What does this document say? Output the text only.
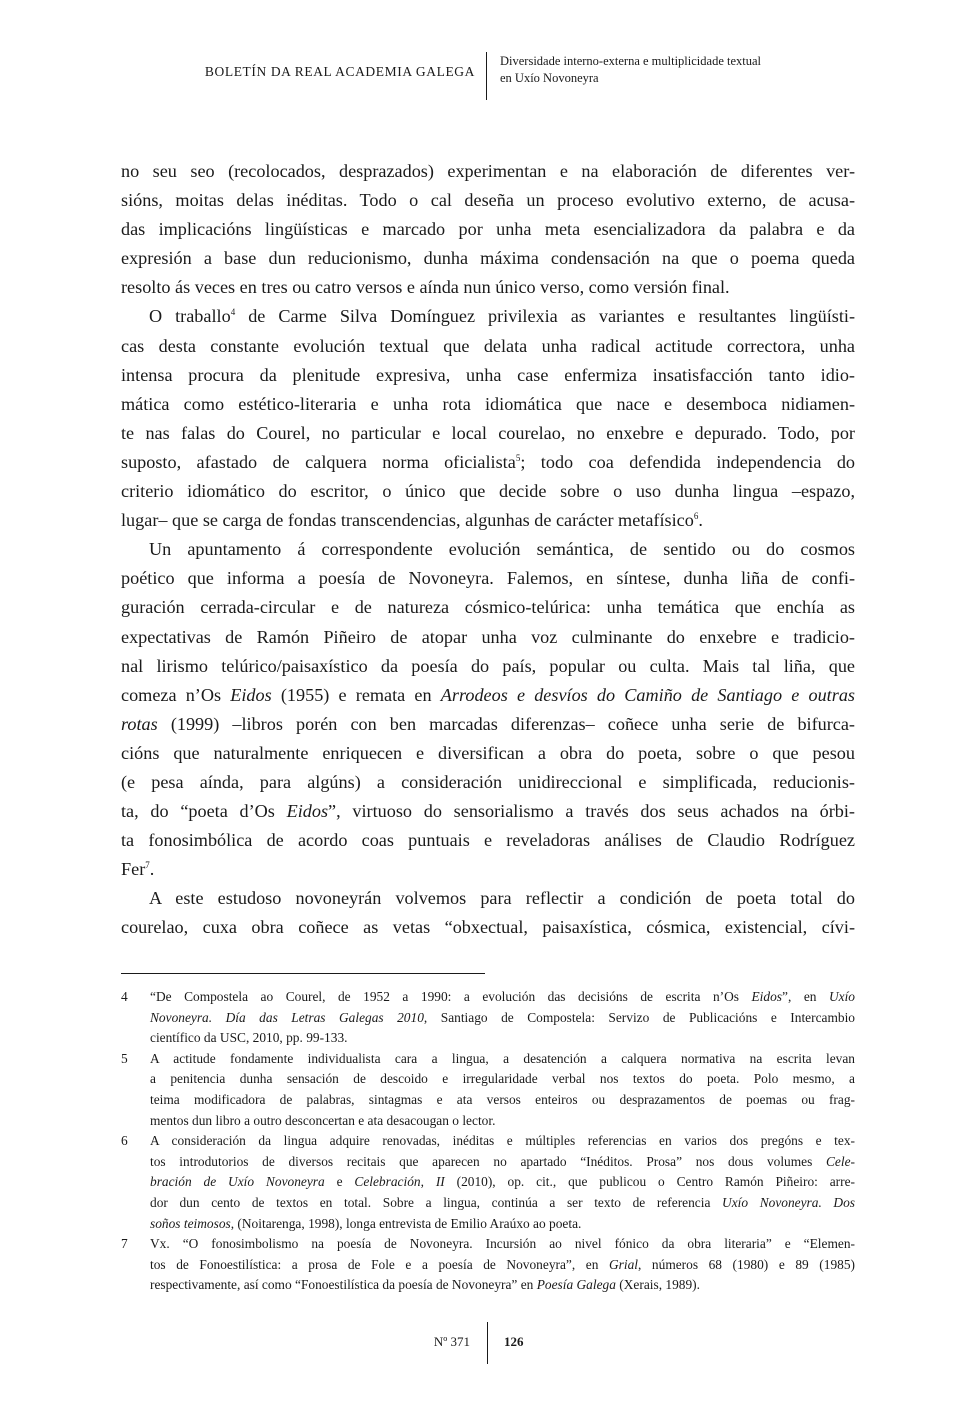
BOLETÍN DA REAL ACADEMIA GALEGA
Diversidade interno-externa e multiplicidade textual
en Uxío Novoneyra
no seu seo (recolocados, desprazados) experimentan e na elaboración de diferentes ver-
sións, moitas delas inéditas. Todo o cal deseña un proceso evolutivo externo, de acusa-
das implicacións lingüísticas e marcado por unha meta esencializadora da palabra e da
expresión a base dun reducionismo, dunha máxima condensación na que o poema queda
resolto ás veces en tres ou catro versos e aínda nun único verso, como versión final.
O traballo$^4$ de Carme Silva Domínguez privilexia as variantes e resultantes lingüísti-
cas desta constante evolución textual que delata unha radical actitude correctora, unha
intensa procura da plenitude expresiva, unha case enfermiza insatisfacción tanto idio-
mática como estético-literaria e unha rota idiomática que nace e desemboca nidiamen-
te nas falas do Courel, no particular e local courelao, no enxebre e depurado. Todo, por
suposto, afastado de calquera norma oficialista$^5$; todo coa defendida independencia do
criterio idiomático do escritor, o único que decide sobre o uso dunha lingua –espazo,
lugar– que se carga de fondas transcendencias, algunhas de carácter metafísico$^6$.
Un apuntamento á correspondente evolución semántica, de sentido ou do cosmos
poético que informa a poesía de Novoneyra. Falemos, en síntese, dunha liña de confi-
guración cerrada-circular e de natureza cósmico-telúrica: unha temática que enchía as
expectativas de Ramón Piñeiro de atopar unha voz culminante do enxebre e tradicio-
nal lirismo telúrico/paisaxístico da poesía do país, popular ou culta. Mais tal liña, que
comeza n’Os Eidos (1955) e remata en Arrodeos e desvíos do Camiño de Santiago e outras
rotas (1999) –libros porén con ben marcadas diferenzas– coñece unha serie de bifurca-
cións que naturalmente enriquecen e diversifican a obra do poeta, sobre o que pesou
(e pesa aínda, para algúns) a consideración unidireccional e simplificada, reducionis-
ta, do “poeta d’Os Eidos”, virtuoso do sensorialismo a través dos seus achados na órbi-
ta fonosimbólica de acordo coas puntuais e reveladoras análises de Claudio Rodríguez
Fer$^7$.
A este estudoso novoneyrán volvemos para reflectir a condición de poeta total do
courelao, cuxa obra coñece as vetas “obxectual, paisaxística, cósmica, existencial, cívi-
4 “De Compostela ao Courel, de 1952 a 1990: a evolución das decisións de escrita n’Os Eidos”, en Uxío
Novoneyra. Día das Letras Galegas 2010, Santiago de Compostela: Servizo de Publicacións e Intercambio
científico da USC, 2010, pp. 99-133.
5 A actitude fondamente individualista cara a lingua, a desatención a calquera normativa na escrita levan
a penitencia dunha sensación de descoido e irregularidade verbal nos textos do poeta. Polo mesmo, a
teima modificadora de palabras, sintagmas e ata versos enteiros ou desprazamentos de poemas ou frag-
mentos dun libro a outro desconcertan e ata desacougan o lector.
6 A consideración da lingua adquire renovadas, inéditas e múltiples referencias en varios dos pregóns e tex-
tos introdutorios de diversos recitais que aparecen no apartado “Inéditos. Prosa” nos dous volumes Cele-
bración de Uxío Novoneyra e Celebración, II (2010), op. cit., que publicou o Centro Ramón Piñeiro: arre-
dor dun cento de textos en total. Sobre a lingua, continúa a ser texto de referencia Uxío Novoneyra. Dos
soños teimosos, (Noitarenga, 1998), longa entrevista de Emilio Araúxo ao poeta.
7 Vx. “O fonosimbolismo na poesía de Novoneyra. Incursión ao nivel fónico da obra literaria” e “Elemen-
tos de Fonoestilística: a prosa de Fole e a poesía de Novoneyra”, en Grial, números 68 (1980) e 89 (1985)
respectivamente, así como “Fonoestilística da poesía de Novoneyra” en Poesía Galega (Xerais, 1989).
Nº 371	126
